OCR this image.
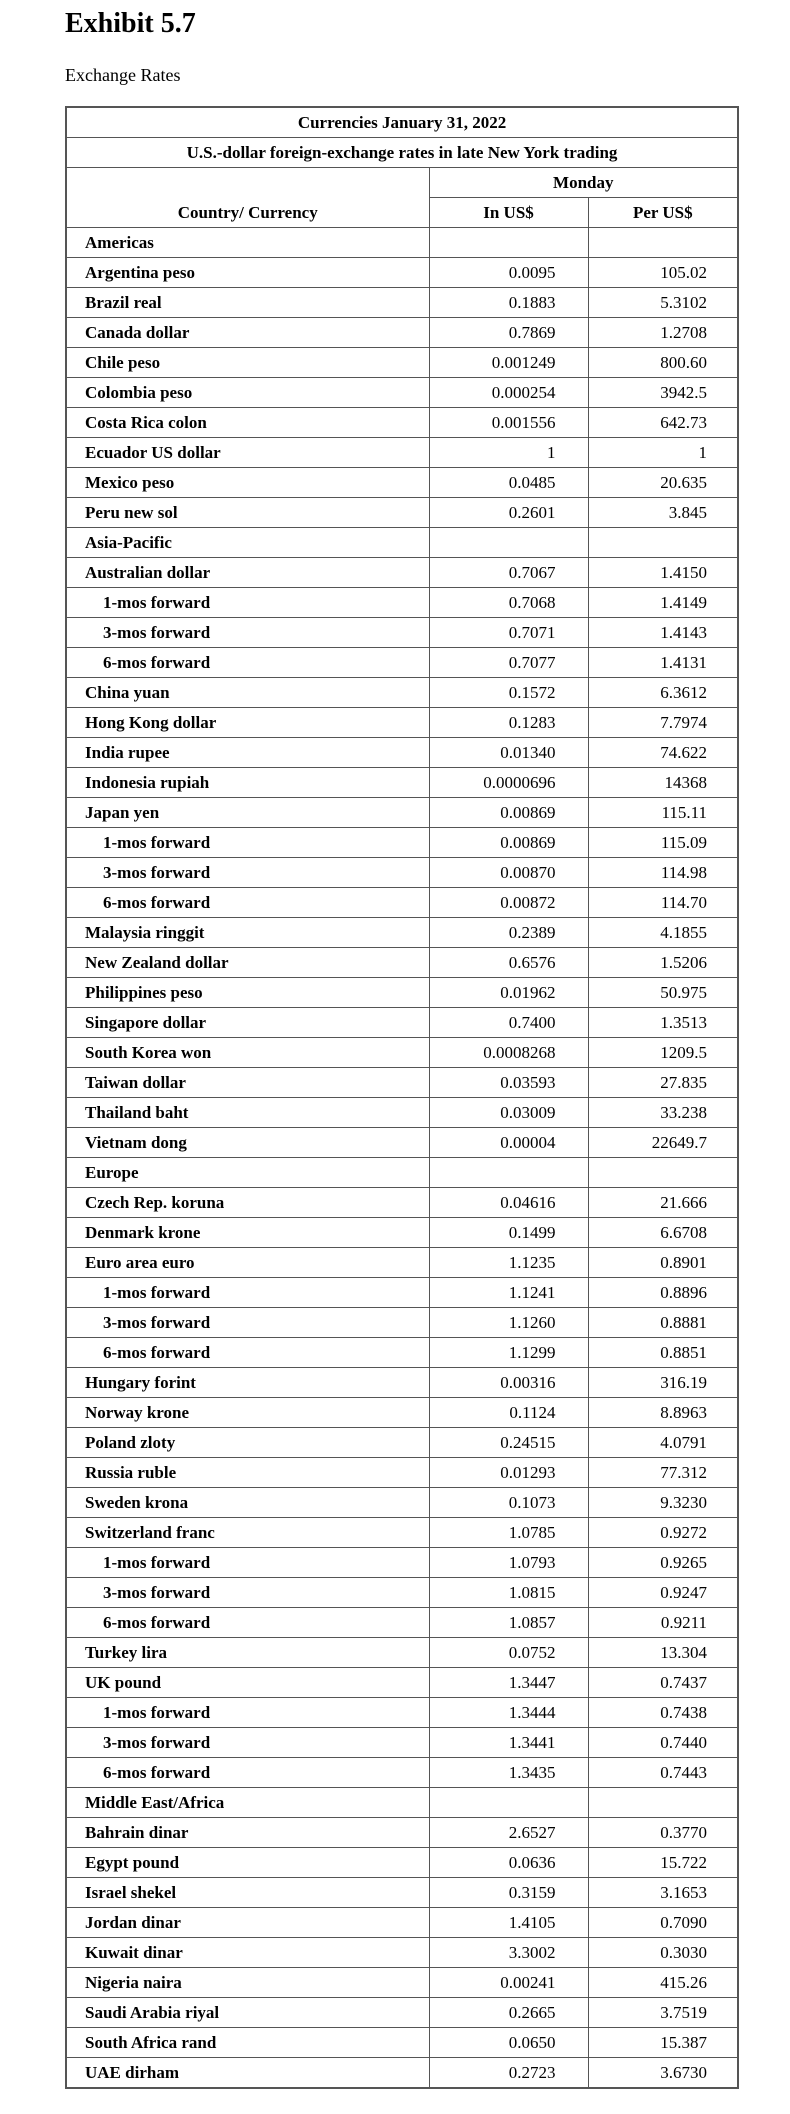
Exhibit 5.7
Exchange Rates
Currencies January 31, 2022		
U.S.-dollar foreign-exchange rates in late New York trading		
Country/ Currency	Monday	
	In US$	Per US$
Americas		
Argentina peso	0.0095	105.02
Brazil real	0.1883	5.3102
Canada dollar	0.7869	1.2708
Chile peso	0.001249	800.60
Colombia peso	0.000254	3942.5
Costa Rica colon	0.001556	642.73
Ecuador US dollar	1	1
Mexico peso	0.0485	20.635
Peru new sol	0.2601	3.845
Asia-Pacific		
Australian dollar	0.7067	1.4150
1-mos forward	0.7068	1.4149
3-mos forward	0.7071	1.4143
6-mos forward	0.7077	1.4131
China yuan	0.1572	6.3612
Hong Kong dollar	0.1283	7.7974
India rupee	0.01340	74.622
Indonesia rupiah	0.0000696	14368
Japan yen	0.00869	115.11
1-mos forward	0.00869	115.09
3-mos forward	0.00870	114.98
6-mos forward	0.00872	114.70
Malaysia ringgit	0.2389	4.1855
New Zealand dollar	0.6576	1.5206
Philippines peso	0.01962	50.975
Singapore dollar	0.7400	1.3513
South Korea won	0.0008268	1209.5
Taiwan dollar	0.03593	27.835
Thailand baht	0.03009	33.238
Vietnam dong	0.00004	22649.7
Europe		
Czech Rep. koruna	0.04616	21.666
Denmark krone	0.1499	6.6708
Euro area euro	1.1235	0.8901
1-mos forward	1.1241	0.8896
3-mos forward	1.1260	0.8881
6-mos forward	1.1299	0.8851
Hungary forint	0.00316	316.19
Norway krone	0.1124	8.8963
Poland zloty	0.24515	4.0791
Russia ruble	0.01293	77.312
Sweden krona	0.1073	9.3230
Switzerland franc	1.0785	0.9272
1-mos forward	1.0793	0.9265
3-mos forward	1.0815	0.9247
6-mos forward	1.0857	0.9211
Turkey lira	0.0752	13.304
UK pound	1.3447	0.7437
1-mos forward	1.3444	0.7438
3-mos forward	1.3441	0.7440
6-mos forward	1.3435	0.7443
Middle East/Africa		
Bahrain dinar	2.6527	0.3770
Egypt pound	0.0636	15.722
Israel shekel	0.3159	3.1653
Jordan dinar	1.4105	0.7090
Kuwait dinar	3.3002	0.3030
Nigeria naira	0.00241	415.26
Saudi Arabia riyal	0.2665	3.7519
South Africa rand	0.0650	15.387
UAE dirham	0.2723	3.6730
